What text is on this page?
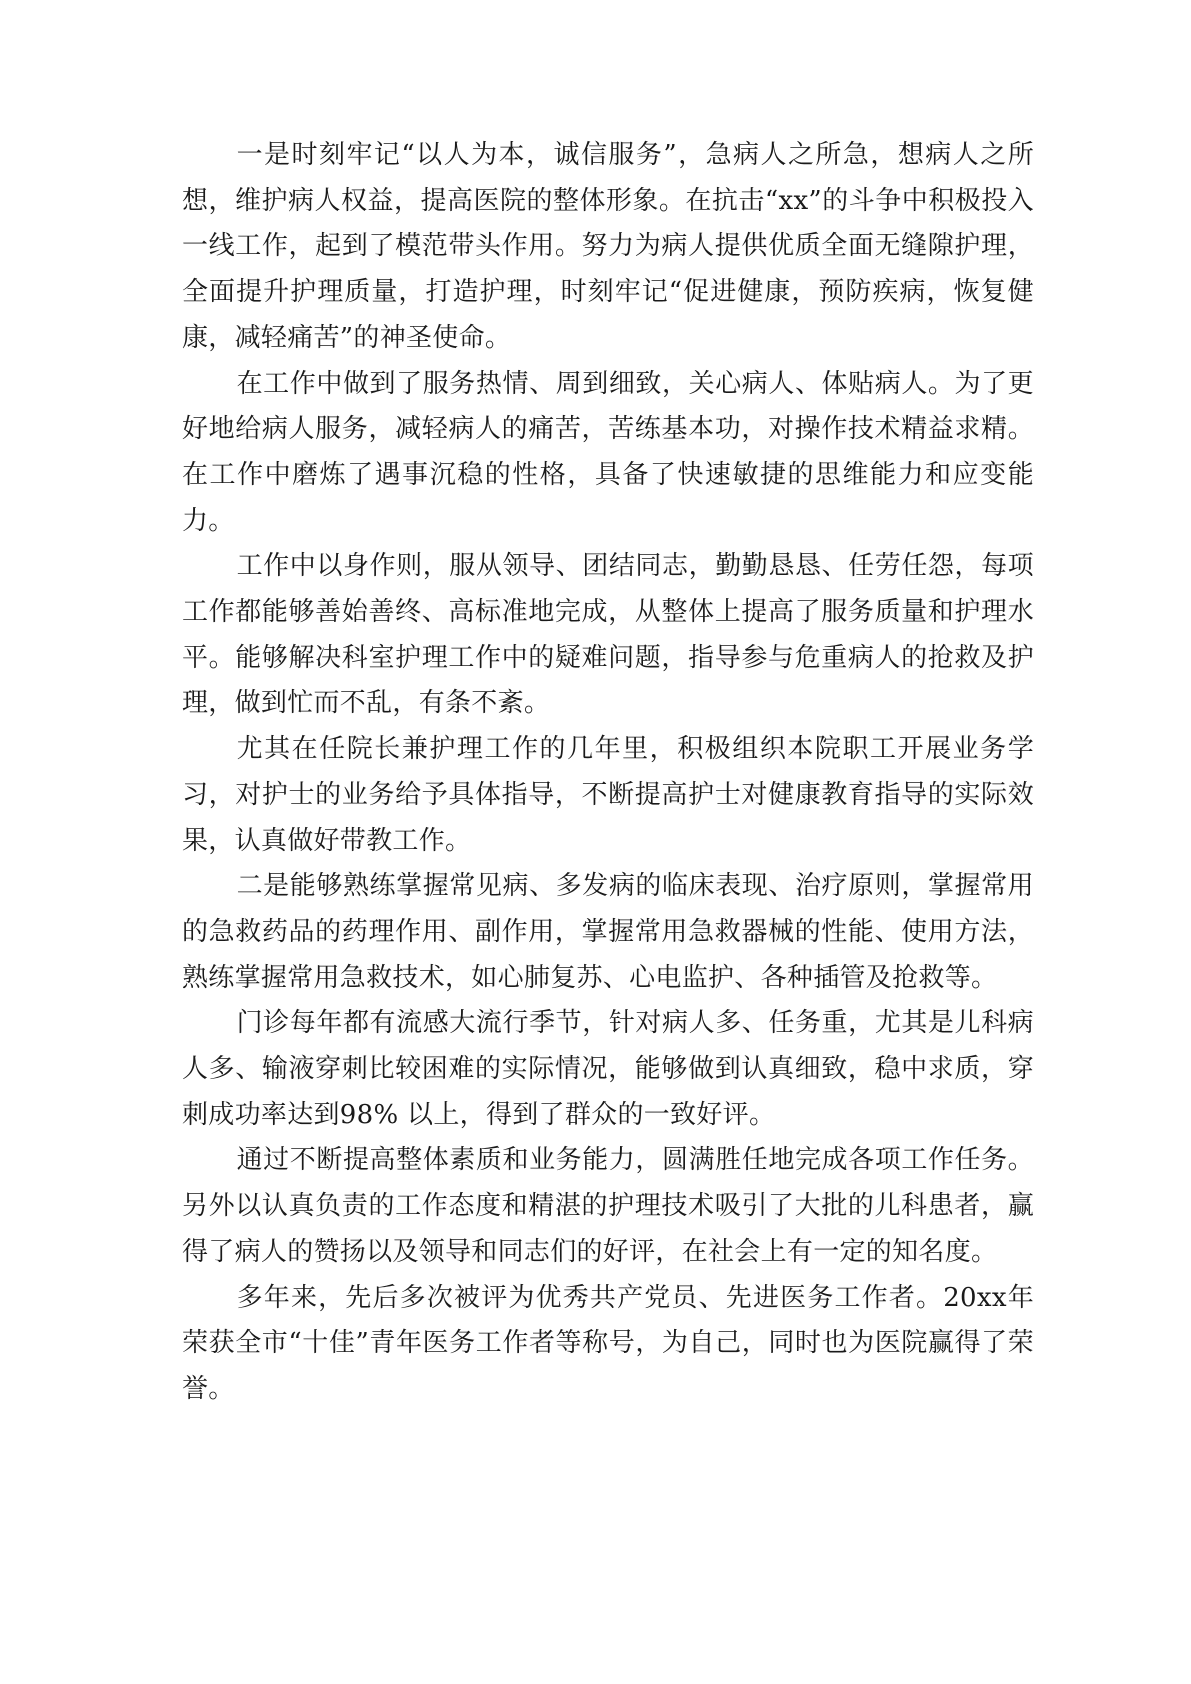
一是时刻牢记“以人为本，诚信服务”，急病人之所急，想病人之所想，维护病人权益，提高医院的整体形象。在抗击“xx”的斗争中积极投入一线工作，起到了模范带头作用。努力为病人提供优质全面无缝隙护理，全面提升护理质量，打造护理，时刻牢记“促进健康，预防疾病，恢复健康，减轻痛苦”的神圣使命。

在工作中做到了服务热情、周到细致，关心病人、体贴病人。为了更好地给病人服务，减轻病人的痛苦，苦练基本功，对操作技术精益求精。在工作中磨炼了遇事沉稳的性格，具备了快速敏捷的思维能力和应变能力。

工作中以身作则，服从领导、团结同志，勤勤恳恳、任劳任怨，每项工作都能够善始善终、高标准地完成，从整体上提高了服务质量和护理水平。能够解决科室护理工作中的疑难问题，指导参与危重病人的抢救及护理，做到忙而不乱，有条不紊。

尤其在任院长兼护理工作的几年里，积极组织本院职工开展业务学习，对护士的业务给予具体指导，不断提高护士对健康教育指导的实际效果，认真做好带教工作。

二是能够熟练掌握常见病、多发病的临床表现、治疗原则，掌握常用的急救药品的药理作用、副作用，掌握常用急救器械的性能、使用方法，熟练掌握常用急救技术，如心肺复苏、心电监护、各种插管及抢救等。

门诊每年都有流感大流行季节，针对病人多、任务重，尤其是儿科病人多、输液穿刺比较困难的实际情况，能够做到认真细致，稳中求质，穿刺成功率达到98% 以上，得到了群众的一致好评。

通过不断提高整体素质和业务能力，圆满胜任地完成各项工作任务。另外以认真负责的工作态度和精湛的护理技术吸引了大批的儿科患者，赢得了病人的赞扬以及领导和同志们的好评，在社会上有一定的知名度。

多年来，先后多次被评为优秀共产党员、先进医务工作者。20xx年荣获全市“十佳”青年医务工作者等称号，为自己，同时也为医院赢得了荣誉。
